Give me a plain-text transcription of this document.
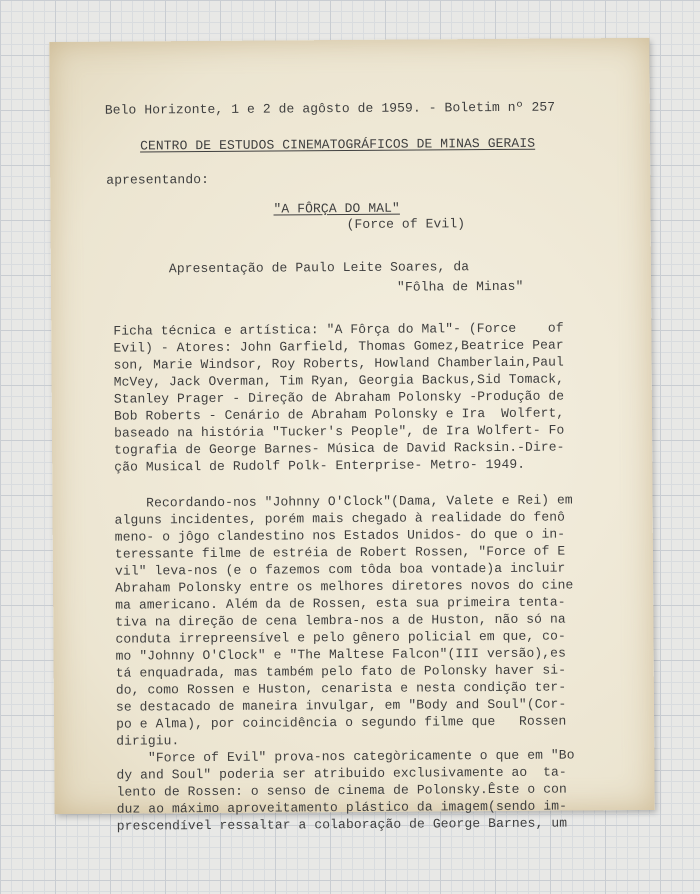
Belo Horizonte, 1 e 2 de agôsto de 1959. - Boletim nº 257
CENTRO DE ESTUDOS CINEMATOGRÁFICOS DE MINAS GERAIS
apresentando:
"A FÔRÇA DO MAL"
(Force of Evil)
Apresentação de Paulo Leite Soares, da
"Fôlha de Minas"
Ficha técnica e artística: "A Fôrça do Mal"- (Force    of
Evil) - Atores: John Garfield, Thomas Gomez,Beatrice Pear
son, Marie Windsor, Roy Roberts, Howland Chamberlain,Paul
McVey, Jack Overman, Tim Ryan, Georgia Backus,Sid Tomack,
Stanley Prager - Direção de Abraham Polonsky -Produção de
Bob Roberts - Cenário de Abraham Polonsky e Ira  Wolfert,
baseado na história "Tucker's People", de Ira Wolfert- Fo
tografia de George Barnes- Música de David Racksin.-Dire-
ção Musical de Rudolf Polk- Enterprise- Metro- 1949.
Recordando-nos "Johnny O'Clock"(Dama, Valete e Rei) em
alguns incidentes, porém mais chegado à realidade do fenô
meno- o jôgo clandestino nos Estados Unidos- do que o in-
teressante filme de estréia de Robert Rossen, "Force of E
vil" leva-nos (e o fazemos com tôda boa vontade)a incluir
Abraham Polonsky entre os melhores diretores novos do cine
ma americano. Além da de Rossen, esta sua primeira tenta-
tiva na direção de cena lembra-nos a de Huston, não só na
conduta irrepreensível e pelo gênero policial em que, co-
mo "Johnny O'Clock" e "The Maltese Falcon"(III versão),es
tá enquadrada, mas também pelo fato de Polonsky haver si-
do, como Rossen e Huston, cenarista e nesta condição ter-
se destacado de maneira invulgar, em "Body and Soul"(Cor-
po e Alma), por coincidência o segundo filme que   Rossen
dirigiu.
"Force of Evil" prova-nos categòricamente o que em "Bo
dy and Soul" poderia ser atribuido exclusivamente ao  ta-
lento de Rossen: o senso de cinema de Polonsky.Êste o con
duz ao máximo aproveitamento plástico da imagem(sendo im-
prescendível ressaltar a colaboração de George Barnes, um
